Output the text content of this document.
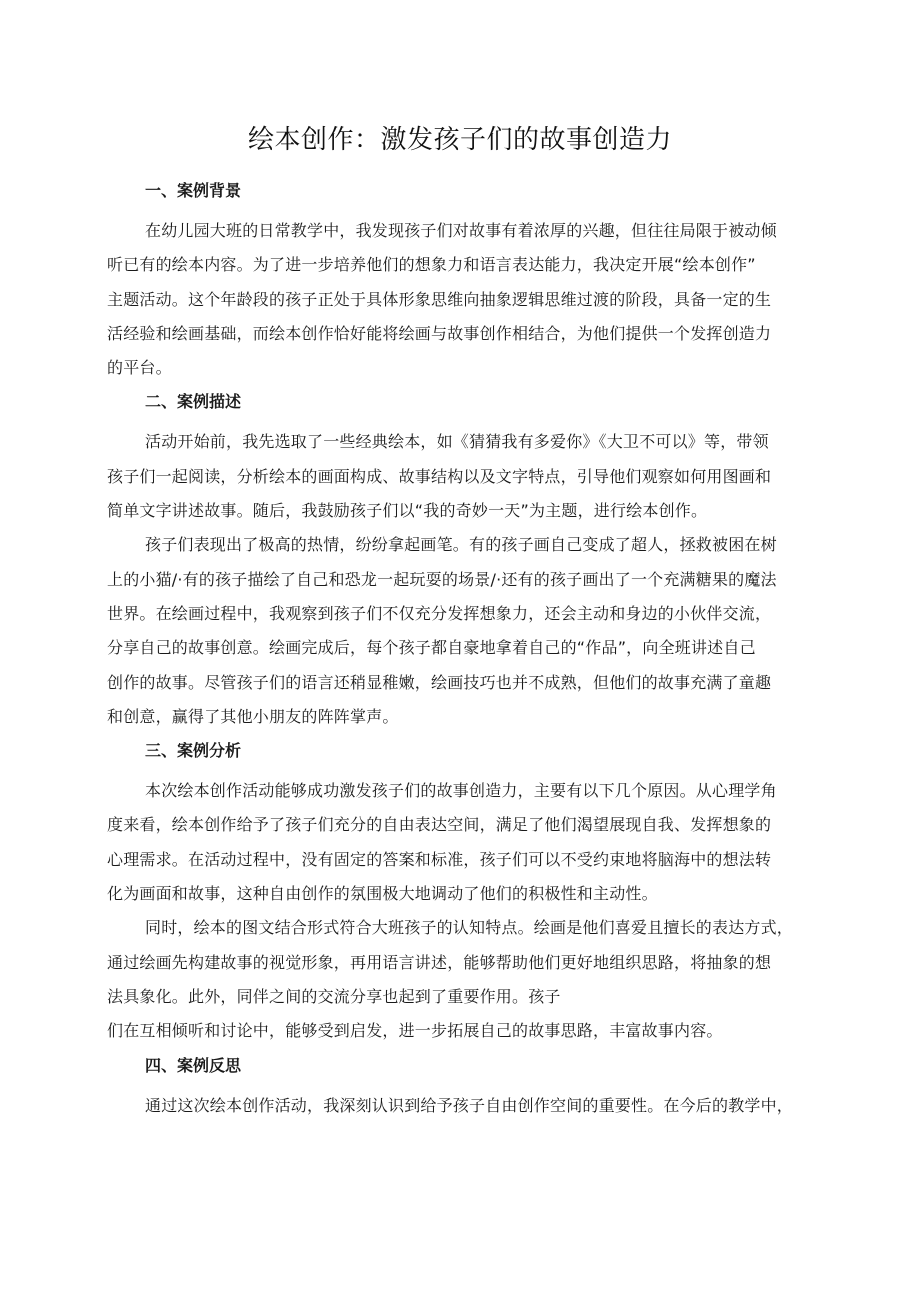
绘本创作：激发孩子们的故事创造力
一、案例背景
在幼儿园大班的日常教学中，我发现孩子们对故事有着浓厚的兴趣，但往往局限于被动倾
听已有的绘本内容。为了进一步培养他们的想象力和语言表达能力，我决定开展“绘本创作”
主题活动。这个年龄段的孩子正处于具体形象思维向抽象逻辑思维过渡的阶段，具备一定的生
活经验和绘画基础，而绘本创作恰好能将绘画与故事创作相结合，为他们提供一个发挥创造力
的平台。
二、案例描述
活动开始前，我先选取了一些经典绘本，如《猜猜我有多爱你》《大卫不可以》等，带领
孩子们一起阅读，分析绘本的画面构成、故事结构以及文字特点，引导他们观察如何用图画和
简单文字讲述故事。随后，我鼓励孩子们以“我的奇妙一天”为主题，进行绘本创作。
孩子们表现出了极高的热情，纷纷拿起画笔。有的孩子画自己变成了超人，拯救被困在树
上的小猫/·有的孩子描绘了自己和恐龙一起玩耍的场景/·还有的孩子画出了一个充满糖果的魔法
世界。在绘画过程中，我观察到孩子们不仅充分发挥想象力，还会主动和身边的小伙伴交流，
分享自己的故事创意。绘画完成后，每个孩子都自豪地拿着自己的“作品”，向全班讲述自己
创作的故事。尽管孩子们的语言还稍显稚嫩，绘画技巧也并不成熟，但他们的故事充满了童趣
和创意，赢得了其他小朋友的阵阵掌声。
三、案例分析
本次绘本创作活动能够成功激发孩子们的故事创造力，主要有以下几个原因。从心理学角
度来看，绘本创作给予了孩子们充分的自由表达空间，满足了他们渴望展现自我、发挥想象的
心理需求。在活动过程中，没有固定的答案和标准，孩子们可以不受约束地将脑海中的想法转
化为画面和故事，这种自由创作的氛围极大地调动了他们的积极性和主动性。
同时，绘本的图文结合形式符合大班孩子的认知特点。绘画是他们喜爱且擅长的表达方式，
通过绘画先构建故事的视觉形象，再用语言讲述，能够帮助他们更好地组织思路，将抽象的想
法具象化。此外，同伴之间的交流分享也起到了重要作用。孩子
们在互相倾听和讨论中，能够受到启发，进一步拓展自己的故事思路，丰富故事内容。
四、案例反思
通过这次绘本创作活动，我深刻认识到给予孩子自由创作空间的重要性。在今后的教学中，
